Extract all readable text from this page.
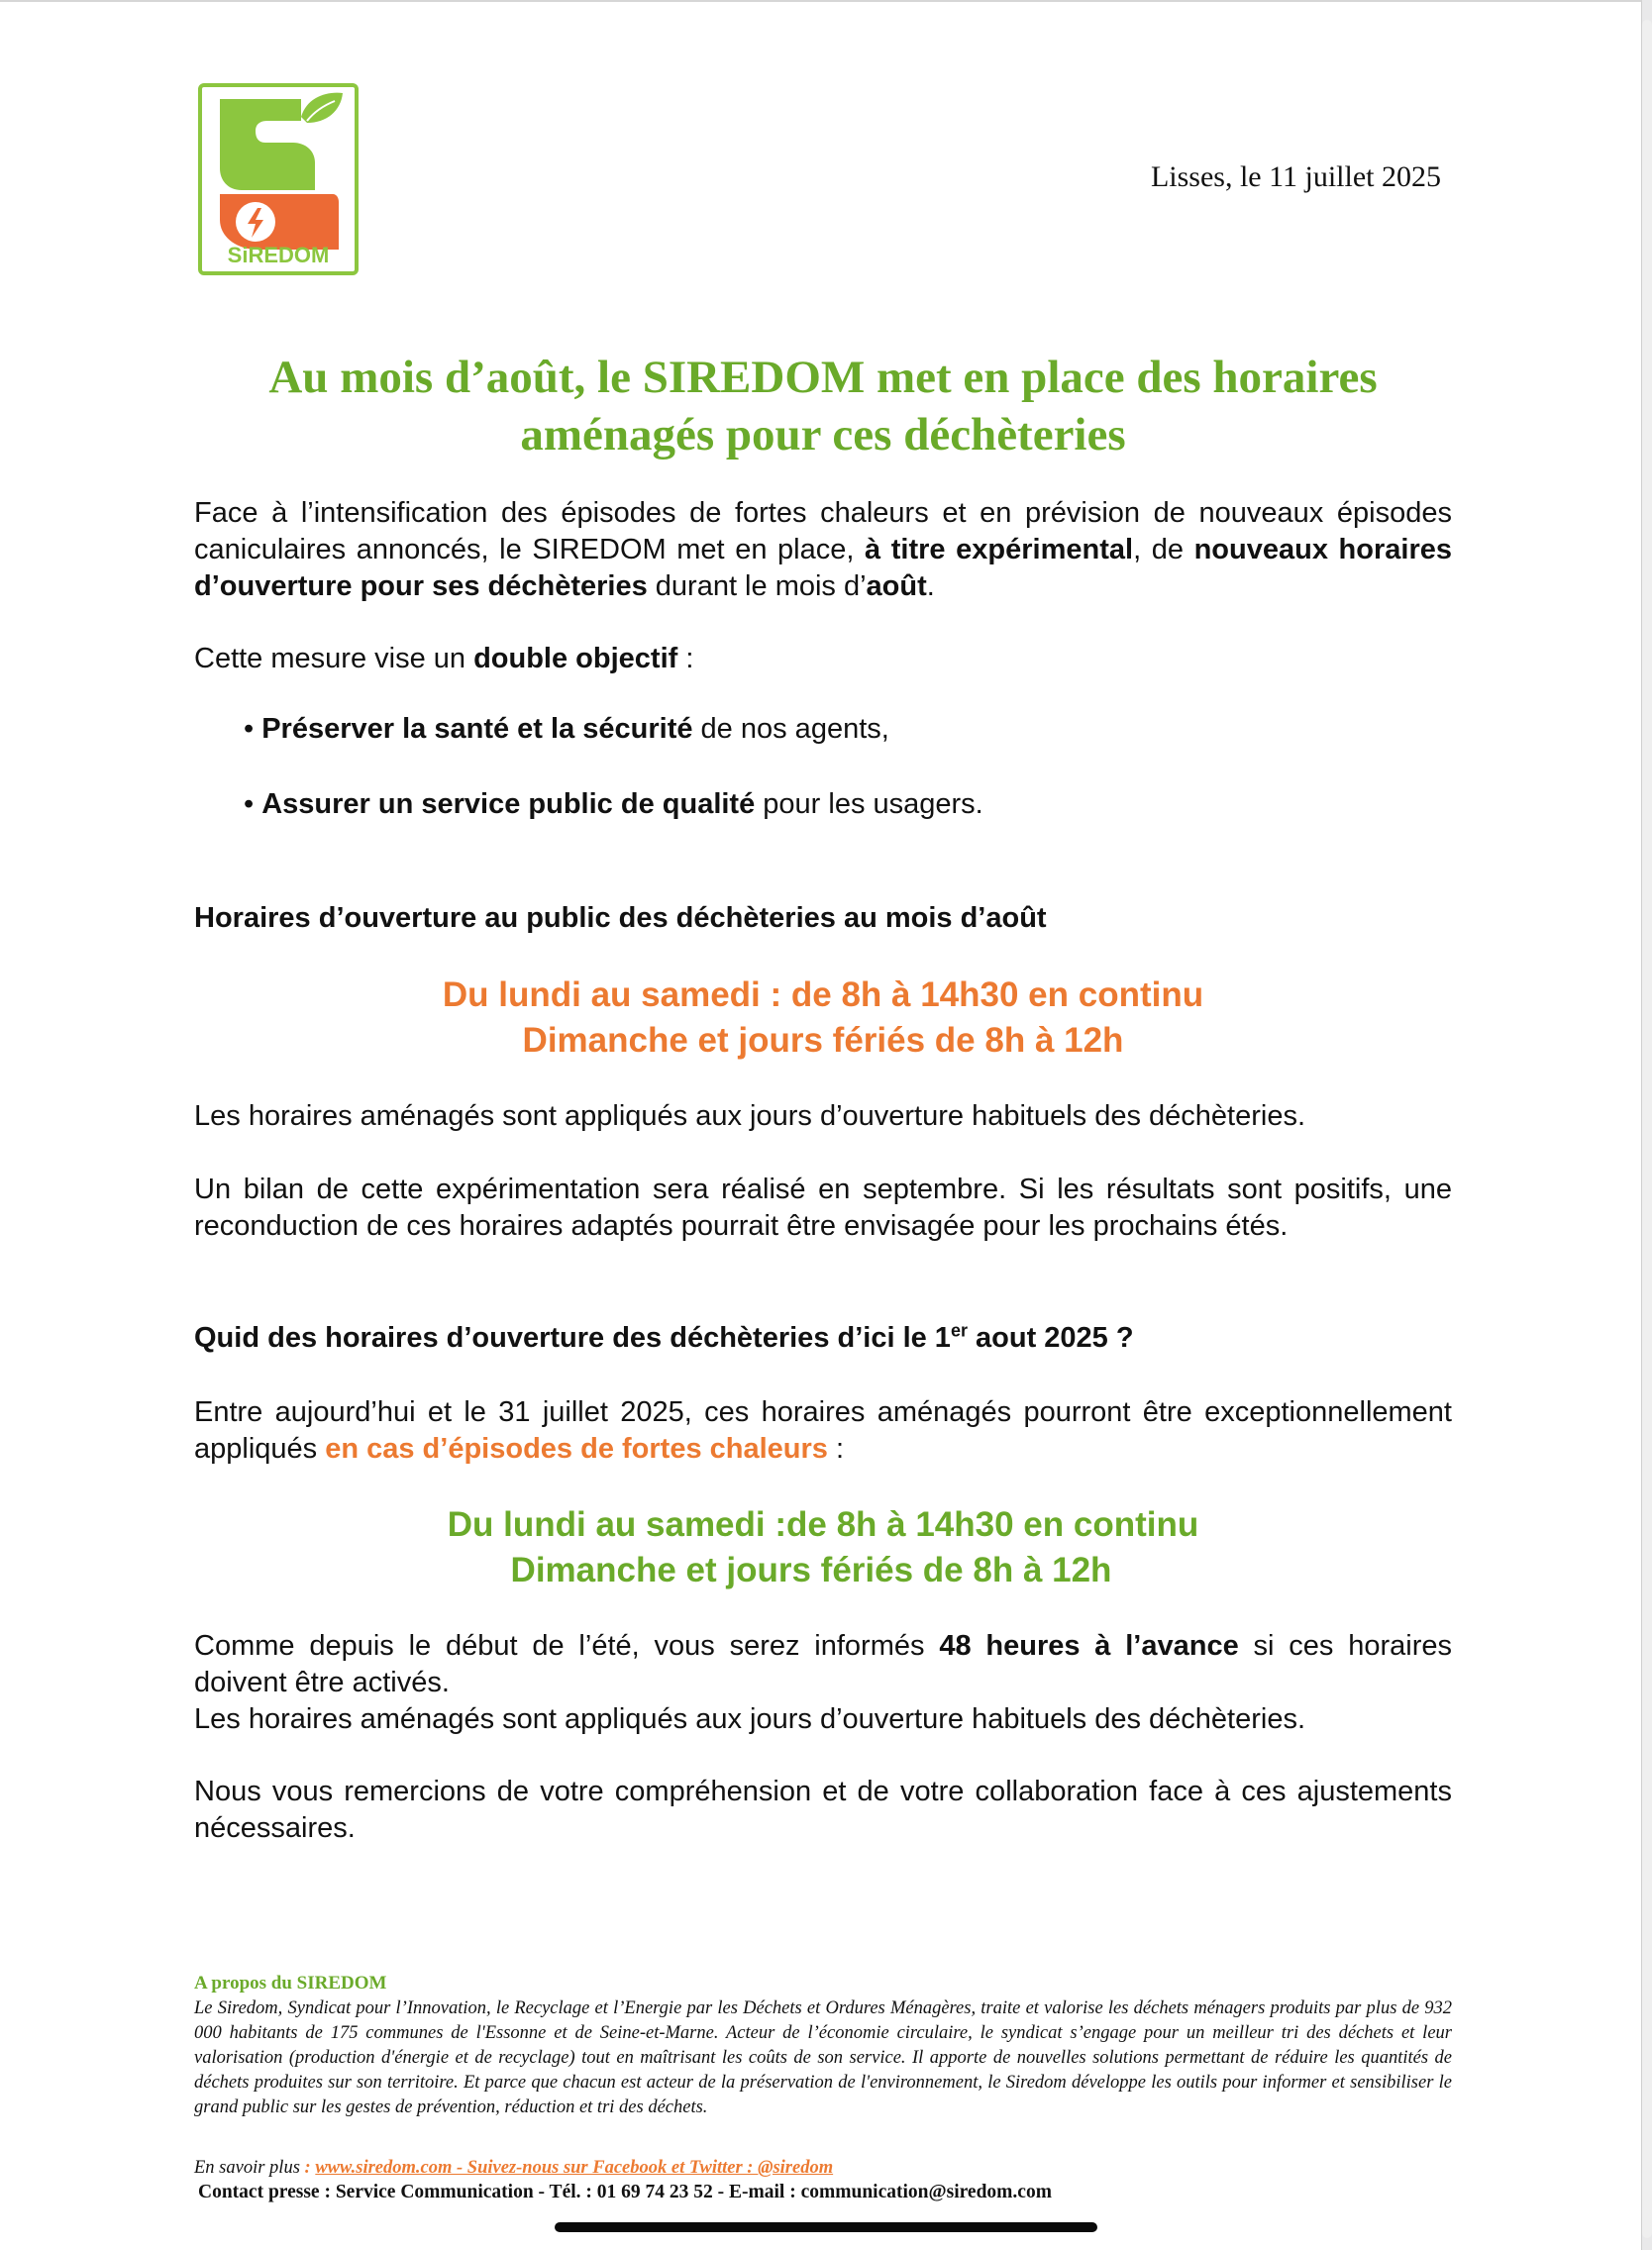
SiREDOM
Lisses, le 11 juillet 2025
Au mois d’août, le SIREDOM met en place des horaires
aménagés pour ces déchèteries
Face à l’intensification des épisodes de fortes chaleurs et en prévision de nouveaux épisodes caniculaires annoncés, le SIREDOM met en place, à titre expérimental, de nouveaux horaires d’ouverture pour ses déchèteries durant le mois d’août.
Cette mesure vise un double objectif :
• Préserver la santé et la sécurité de nos agents,
• Assurer un service public de qualité pour les usagers.
Horaires d’ouverture au public des déchèteries au mois d’août
Du lundi au samedi : de 8h à 14h30 en continu
Dimanche et jours fériés de 8h à 12h
Les horaires aménagés sont appliqués aux jours d’ouverture habituels des déchèteries.
Un bilan de cette expérimentation sera réalisé en septembre. Si les résultats sont positifs, une reconduction de ces horaires adaptés pourrait être envisagée pour les prochains étés.
Quid des horaires d’ouverture des déchèteries d’ici le 1er aout 2025 ?
Entre aujourd’hui et le 31 juillet 2025, ces horaires aménagés pourront être exceptionnellement appliqués en cas d’épisodes de fortes chaleurs :
Du lundi au samedi :de 8h à 14h30 en continu
Dimanche et jours fériés de 8h à 12h
Comme depuis le début de l’été, vous serez informés 48 heures à l’avance si ces horaires doivent être activés.
Les horaires aménagés sont appliqués aux jours d’ouverture habituels des déchèteries.
Nous vous remercions de votre compréhension et de votre collaboration face à ces ajustements nécessaires.
A propos du SIREDOM
Le Siredom, Syndicat pour l’Innovation, le Recyclage et l’Energie par les Déchets et Ordures Ménagères, traite et valorise les déchets ménagers produits par plus de 932 000 habitants de 175 communes de l'Essonne et de Seine-et-Marne. Acteur de l’économie circulaire, le syndicat s’engage pour un meilleur tri des déchets et leur valorisation (production d'énergie et de recyclage) tout en maîtrisant les coûts de son service. Il apporte de nouvelles solutions permettant de réduire les quantités de déchets produites sur son territoire. Et parce que chacun est acteur de la préservation de l'environnement, le Siredom développe les outils pour informer et sensibiliser le grand public sur les gestes de prévention, réduction et tri des déchets.
En savoir plus : www.siredom.com - Suivez-nous sur Facebook et Twitter : @siredom
Contact presse : Service Communication - Tél. : 01 69 74 23 52 - E-mail : communication@siredom.com
